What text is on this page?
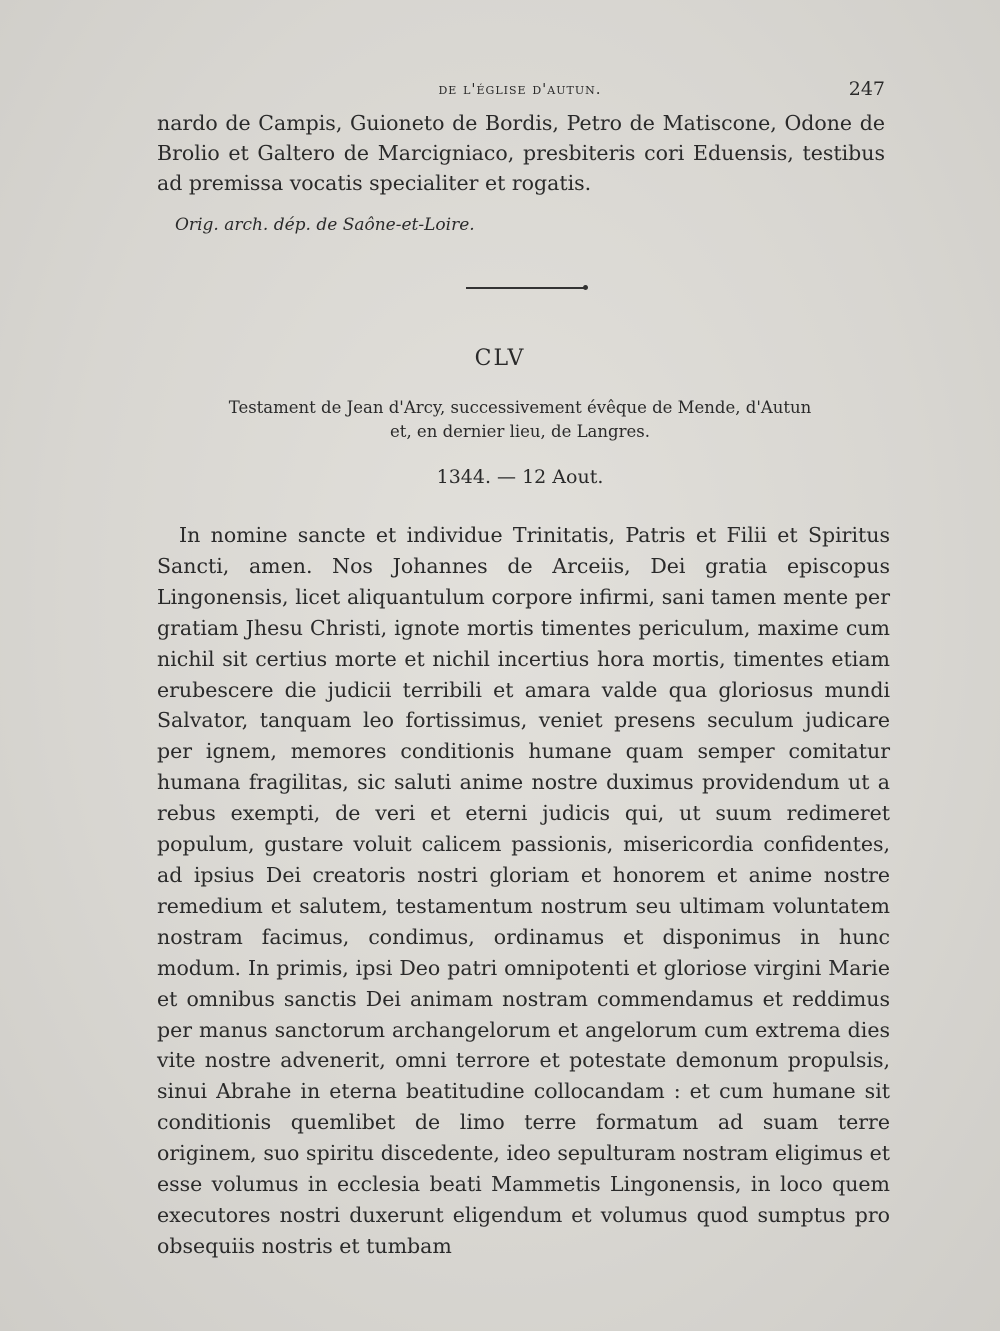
de l'église d'autun.	247
nardo de Campis, Guioneto de Bordis, Petro de Matiscone, Odone de Brolio et Galtero de Marcigniaco, presbiteris cori Eduensis, testibus ad premissa vocatis specialiter et rogatis.
Orig. arch. dép. de Saône-et-Loire.
CLV
Testament de Jean d'Arcy, successivement évêque de Mende, d'Autun
et, en dernier lieu, de Langres.
1344. — 12 Aout.

In nomine sancte et individue Trinitatis, Patris et Filii et Spiritus Sancti, amen. Nos Johannes de Arceiis, Dei gratia episcopus Lingonensis, licet aliquantulum corpore infirmi, sani tamen mente per gratiam Jhesu Christi, ignote mortis timentes periculum, maxime cum nichil sit certius morte et nichil incertius hora mortis, timentes etiam erubescere die judicii terribili et amara valde qua gloriosus mundi Salvator, tanquam leo fortissimus, veniet presens seculum judicare per ignem, memores conditionis humane quam semper comitatur humana fragilitas, sic saluti anime nostre duximus providendum ut a rebus exempti, de veri et eterni judicis qui, ut suum redimeret populum, gustare voluit calicem passionis, misericordia confidentes, ad ipsius Dei creatoris nostri gloriam et honorem et anime nostre remedium et salutem, testamentum nostrum seu ultimam voluntatem nostram facimus, condimus, ordinamus et disponimus in hunc modum. In primis, ipsi Deo patri omnipotenti et gloriose virgini Marie et omnibus sanctis Dei animam nostram commendamus et reddimus per manus sanctorum archangelorum et angelorum cum extrema dies vite nostre advenerit, omni terrore et potestate demonum propulsis, sinui Abrahe in eterna beatitudine collocandam : et cum humane sit conditionis quemlibet de limo terre formatum ad suam terre originem, suo spiritu discedente, ideo sepulturam nostram eligimus et esse volumus in ecclesia beati Mammetis Lingonensis, in loco quem executores nostri duxerunt eligendum et volumus quod sumptus pro obsequiis nostris et tumbam
